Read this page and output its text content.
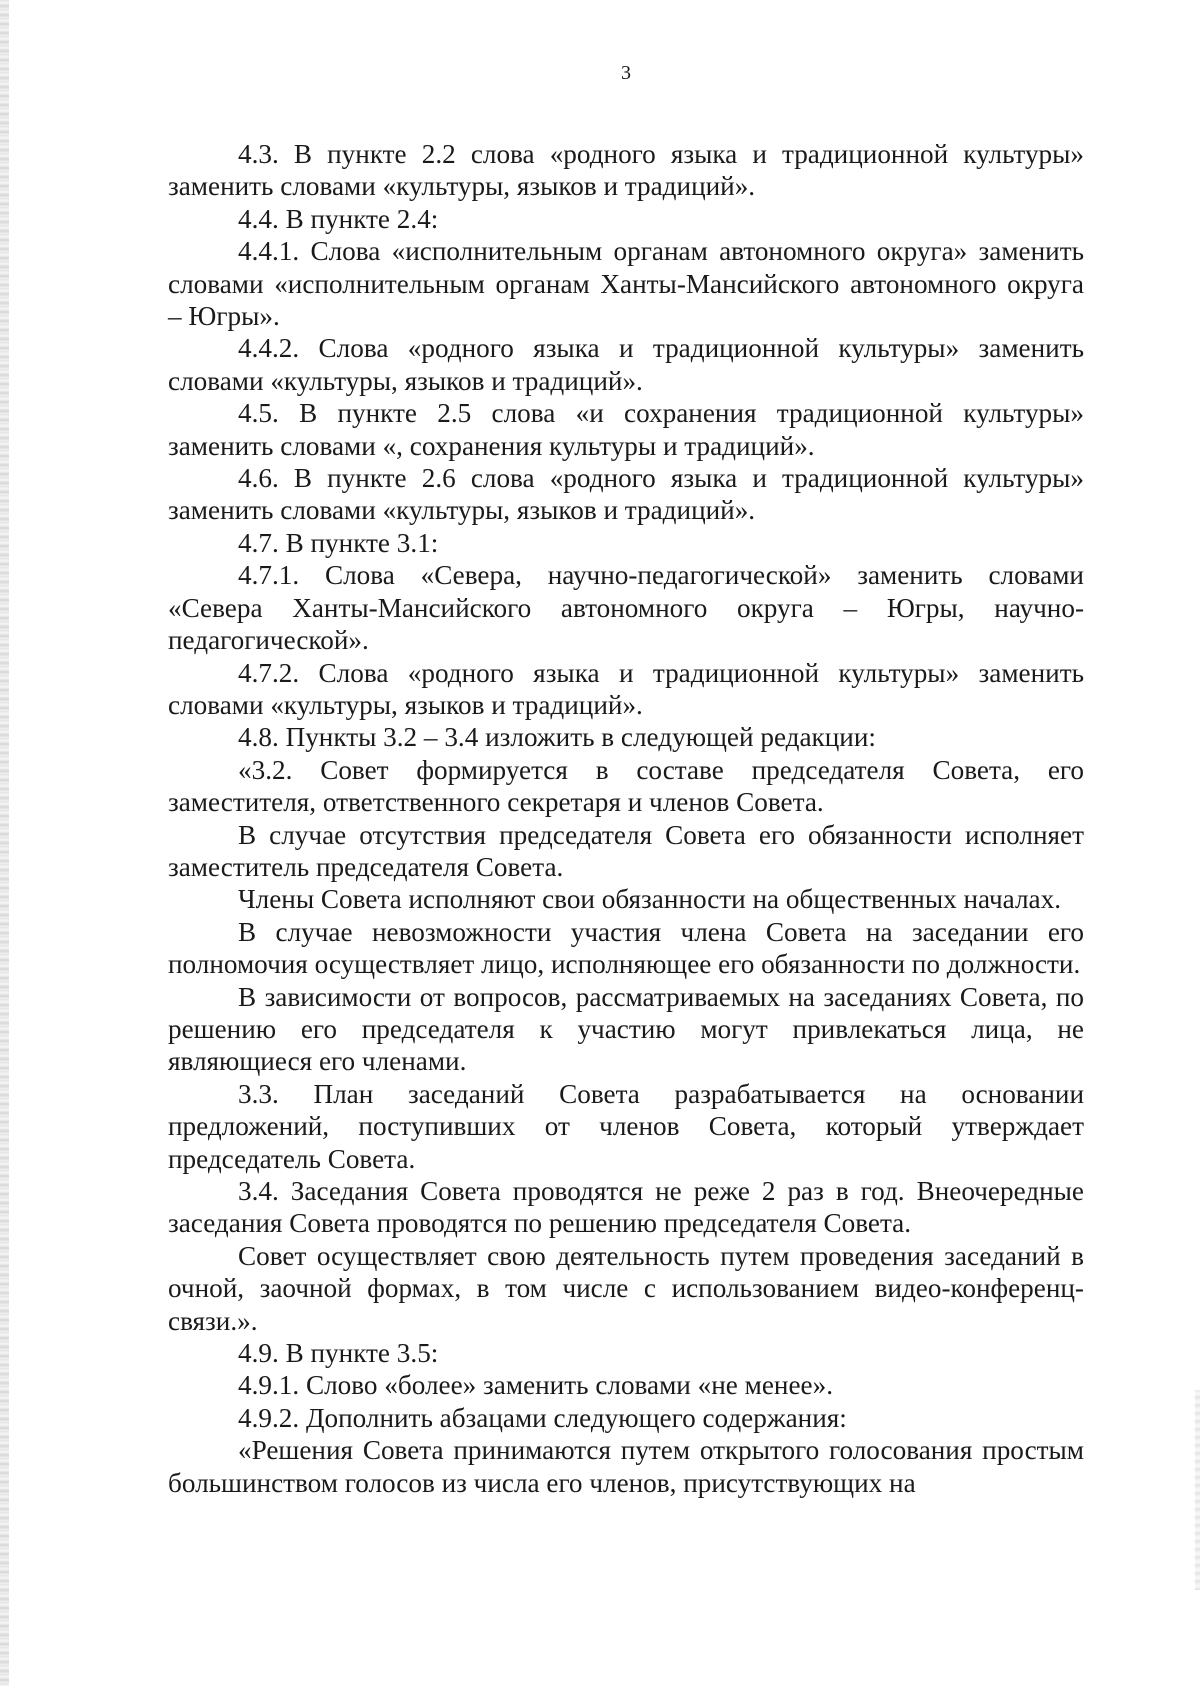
3

4.3. В пункте 2.2 слова «родного языка и традиционной культуры» заменить словами «культуры, языков и традиций».

4.4. В пункте 2.4:

4.4.1. Слова «исполнительным органам автономного округа» заменить словами «исполнительным органам Ханты-Мансийского автономного округа – Югры».

4.4.2. Слова «родного языка и традиционной культуры» заменить словами «культуры, языков и традиций».

4.5. В пункте 2.5 слова «и сохранения традиционной культуры» заменить словами «, сохранения культуры и традиций».

4.6. В пункте 2.6 слова «родного языка и традиционной культуры» заменить словами «культуры, языков и традиций».

4.7. В пункте 3.1:

4.7.1. Слова «Севера, научно-педагогической» заменить словами «Севера Ханты-Мансийского автономного округа – Югры, научно-педагогической».

4.7.2. Слова «родного языка и традиционной культуры» заменить словами «культуры, языков и традиций».

4.8. Пункты 3.2 – 3.4 изложить в следующей редакции:

«3.2. Совет формируется в составе председателя Совета, его заместителя, ответственного секретаря и членов Совета.

В случае отсутствия председателя Совета его обязанности исполняет заместитель председателя Совета.

Члены Совета исполняют свои обязанности на общественных началах.

В случае невозможности участия члена Совета на заседании его полномочия осуществляет лицо, исполняющее его обязанности по должности.

В зависимости от вопросов, рассматриваемых на заседаниях Совета, по решению его председателя к участию могут привлекаться лица, не являющиеся его членами.

3.3. План заседаний Совета разрабатывается на основании предложений, поступивших от членов Совета, который утверждает председатель Совета.

3.4. Заседания Совета проводятся не реже 2 раз в год. Внеочередные заседания Совета проводятся по решению председателя Совета.

Совет осуществляет свою деятельность путем проведения заседаний в очной, заочной формах, в том числе с использованием видео-конференц-связи.».

4.9. В пункте 3.5:

4.9.1. Слово «более» заменить словами «не менее».

4.9.2. Дополнить абзацами следующего содержания:

«Решения Совета принимаются путем открытого голосования простым большинством голосов из числа его членов, присутствующих на
